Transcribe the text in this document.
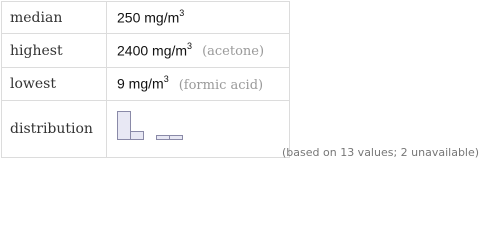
median	250 $mg/m^3$
highest	2400 $mg/m^3$ (acetone)
lowest	9 $mg/m^3$ (formic acid)
distribution	
(based on 13 values; 2 unavailable)
